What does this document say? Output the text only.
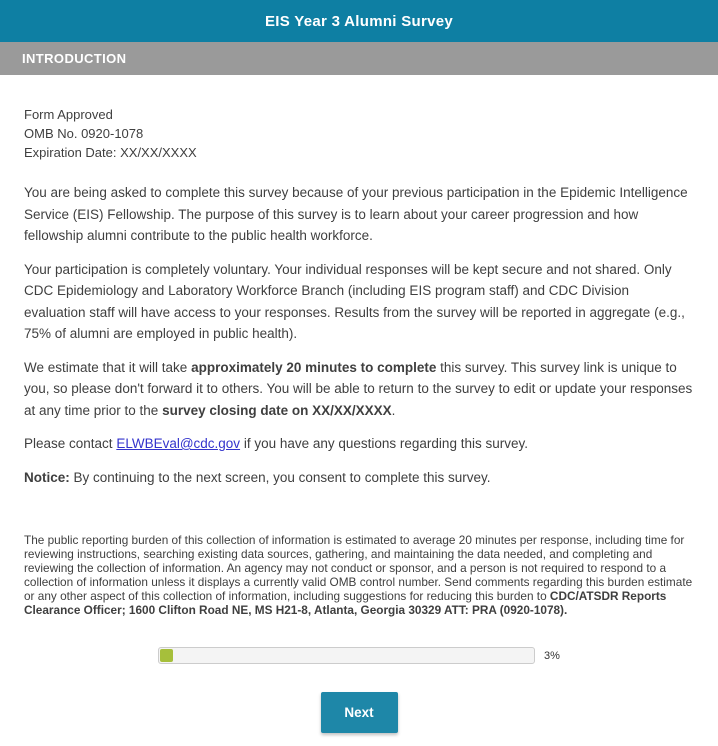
EIS Year 3 Alumni Survey
INTRODUCTION
Form Approved
OMB No. 0920-1078
Expiration Date: XX/XX/XXXX

You are being asked to complete this survey because of your previous participation in the Epidemic Intelligence Service (EIS) Fellowship. The purpose of this survey is to learn about your career progression and how fellowship alumni contribute to the public health workforce.

Your participation is completely voluntary. Your individual responses will be kept secure and not shared. Only CDC Epidemiology and Laboratory Workforce Branch (including EIS program staff) and CDC Division evaluation staff will have access to your responses. Results from the survey will be reported in aggregate (e.g., 75% of alumni are employed in public health).

We estimate that it will take approximately 20 minutes to complete this survey. This survey link is unique to you, so please don't forward it to others. You will be able to return to the survey to edit or update your responses at any time prior to the survey closing date on XX/XX/XXXX.

Please contact ELWBEval@cdc.gov if you have any questions regarding this survey.

Notice: By continuing to the next screen, you consent to complete this survey.

The public reporting burden of this collection of information is estimated to average 20 minutes per response, including time for reviewing instructions, searching existing data sources, gathering, and maintaining the data needed, and completing and reviewing the collection of information. An agency may not conduct or sponsor, and a person is not required to respond to a collection of information unless it displays a currently valid OMB control number. Send comments regarding this burden estimate or any other aspect of this collection of information, including suggestions for reducing this burden to CDC/ATSDR Reports Clearance Officer; 1600 Clifton Road NE, MS H21-8, Atlanta, Georgia 30329 ATT: PRA (0920-1078).

3%
Next
